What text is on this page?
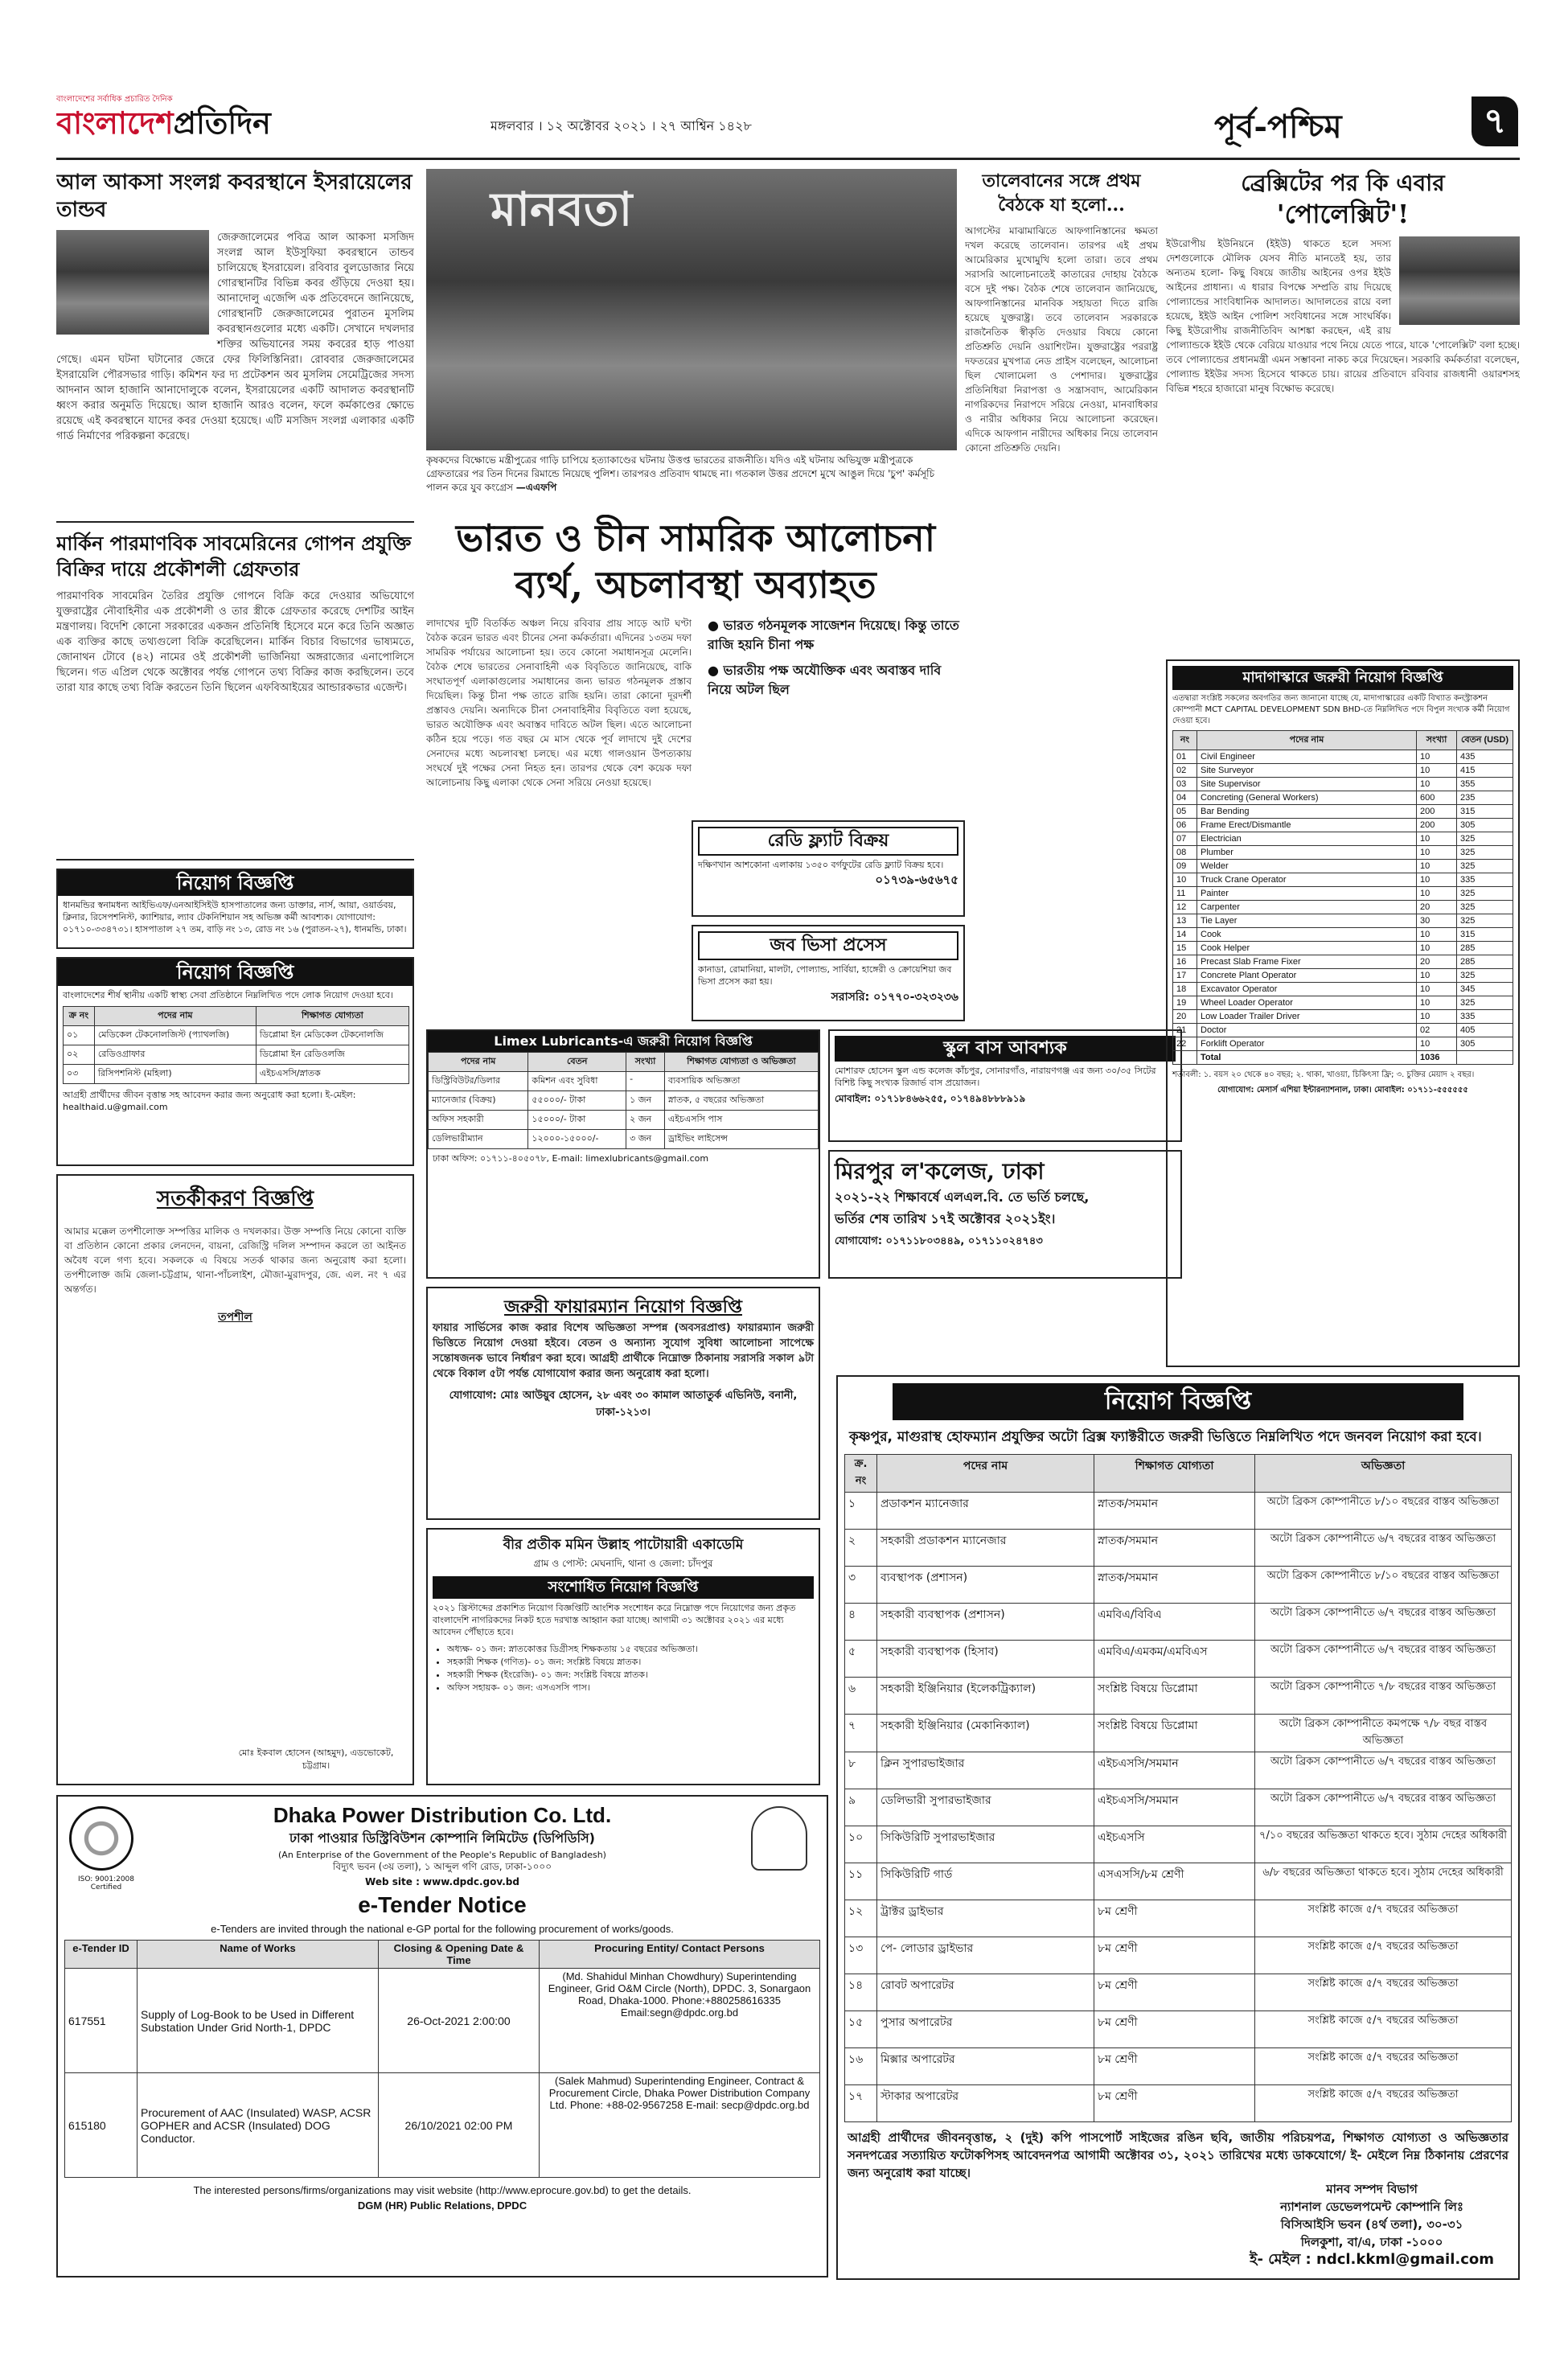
বাংলাদেশের সর্বাধিক প্রচারিত দৈনিক
বাংলাদেশপ্রতিদিন	মঙ্গলবার । ১২ অক্টোবর ২০২১ । ২৭ আশ্বিন ১৪২৮	পূর্ব-পশ্চিম	৭
আল আকসা সংলগ্ন কবরস্থানে ইসরায়েলের তান্ডব
জেরুজালেমের পবিত্র আল আকসা মসজিদ সংলগ্ন আল ইউসুফিয়া কবরস্থানে তান্ডব চালিয়েছে ইসরায়েল। রবিবার বুলডোজার নিয়ে গোরস্থানটির বিভিন্ন কবর গুঁড়িয়ে দেওয়া হয়। আনাদোলু এজেন্সি এক প্রতিবেদনে জানিয়েছে, গোরস্থানটি জেরুজালেমের পুরাতন মুসলিম কবরস্থানগুলোর মধ্যে একটি। সেখানে দখলদার শক্তির অভিযানের সময় কবরের হাড় পাওয়া গেছে। এমন ঘটনা ঘটানোর জেরে ফের ফিলিস্তিনিরা। রোববার জেরুজালেমের ইসরায়েলি পৌরসভার গাড়ি। কমিশন ফর দ্য প্রটেকশন অব মুসলিম সেমেট্রিজের সদস্য আদনান আল হাজানি আনাদোলুকে বলেন, ইসরায়েলের একটি আদালত কবরস্থানটি ধ্বংস করার অনুমতি দিয়েছে। আল হাজানি আরও বলেন, ফলে কর্মকাণ্ডের ক্ষোভে রয়েছে এই কবরস্থানে যাদের কবর দেওয়া হয়েছে। এটি মসজিদ সংলগ্ন এলাকার একটি গার্ড নির্মাণের পরিকল্পনা করেছে।
মার্কিন পারমাণবিক সাবমেরিনের গোপন প্রযুক্তি বিক্রির দায়ে প্রকৌশলী গ্রেফতার
পারমাণবিক সাবমেরিন তৈরির প্রযুক্তি গোপনে বিক্রি করে দেওয়ার অভিযোগে যুক্তরাষ্ট্রের নৌবাহিনীর এক প্রকৌশলী ও তার স্ত্রীকে গ্রেফতার করেছে দেশটির আইন মন্ত্রণালয়। বিদেশি কোনো সরকারের একজন প্রতিনিধি হিসেবে মনে করে তিনি অজ্ঞাত এক ব্যক্তির কাছে তথ্যগুলো বিক্রি করেছিলেন। মার্কিন বিচার বিভাগের ভাষ্যমতে, জোনাথন টোবে (৪২) নামের ওই প্রকৌশলী ভার্জিনিয়া অঙ্গরাজ্যের এনাপোলিসে ছিলেন। গত এপ্রিল থেকে অক্টোবর পর্যন্ত গোপনে তথ্য বিক্রির কাজ করছিলেন। তবে তারা যার কাছে তথ্য বিক্রি করতেন তিনি ছিলেন এফবিআইয়ের আন্ডারকভার এজেন্ট।
নিয়োগ বিজ্ঞপ্তি
ধানমন্ডির স্বনামধন্য আইভিএফ/এনআইসিইউ হাসপাতালের জন্য ডাক্তার, নার্স, আয়া, ওয়ার্ডবয়, ক্লিনার, রিসেপশনিস্ট, ক্যাশিয়ার, ল্যাব টেকনিশিয়ান সহ অভিজ্ঞ কর্মী আবশ্যক। যোগাযোগ: ০১৭১০-৩৩৪৭৩১। হাসপাতাল ২৭ তম, বাড়ি নং ১৩, রোড নং ১৬ (পুরাতন-২৭), ধানমন্ডি, ঢাকা।
নিয়োগ বিজ্ঞপ্তি
বাংলাদেশের শীর্ষ স্থানীয় একটি স্বাস্থ্য সেবা প্রতিষ্ঠানে নিম্নলিখিত পদে লোক নিয়োগ দেওয়া হবে।
ক্র নং	পদের নাম	শিক্ষাগত যোগ্যতা
০১	মেডিকেল টেকনোলজিস্ট (প্যাথলজি)	ডিপ্লোমা ইন মেডিকেল টেকনোলজি
০২	রেডিওগ্রাফার	ডিপ্লোমা ইন রেডিওলজি
০৩	রিসিপশনিস্ট (মহিলা)	এইচএসসি/স্নাতক
আগ্রহী প্রার্থীদের জীবন বৃত্তান্ত সহ আবেদন করার জন্য অনুরোধ করা হলো। ই-মেইল: healthaid.u@gmail.com
সতর্কীকরণ বিজ্ঞপ্তি
আমার মক্কেল তপশীলোক্ত সম্পত্তির মালিক ও দখলকার। উক্ত সম্পত্তি নিয়ে কোনো ব্যক্তি বা প্রতিষ্ঠান কোনো প্রকার লেনদেন, বায়না, রেজিস্ট্রি দলিল সম্পাদন করলে তা আইনত অবৈধ বলে গণ্য হবে। সকলকে এ বিষয়ে সতর্ক থাকার জন্য অনুরোধ করা হলো। তপশীলোক্ত জমি জেলা-চট্টগ্রাম, থানা-পাঁচলাইশ, মৌজা-মুরাদপুর, জে. এল. নং ৭ এর অন্তর্গত।
তপশীল
মোঃ ইকবাল হোসেন (আহমুদ), এডভোকেট, চট্টগ্রাম।
ISO: 9001:2008 Certified
Dhaka Power Distribution Co. Ltd.
ঢাকা পাওয়ার ডিস্ট্রিবিউশন কোম্পানি লিমিটেড (ডিপিডিসি)
(An Enterprise of the Government of the People's Republic of Bangladesh)
বিদ্যুৎ ভবন (৩য় তলা), ১ আব্দুল গণি রোড, ঢাকা-১০০০
Web site : www.dpdc.gov.bd
e-Tender Notice
e-Tenders are invited through the national e-GP portal for the following procurement of works/goods.
e-Tender ID	Name of Works	Closing & Opening Date & Time	Procuring Entity/ Contact Persons
617551	Supply of Log-Book to be Used in Different Substation Under Grid North-1, DPDC	26-Oct-2021 2:00:00	(Md. Shahidul Minhan Chowdhury) Superintending Engineer, Grid O&M Circle (North), DPDC. 3, Sonargaon Road, Dhaka-1000. Phone:+880258616335 Email:segn@dpdc.org.bd
615180	Procurement of AAC (Insulated) WASP, ACSR GOPHER and ACSR (Insulated) DOG Conductor.	26/10/2021 02:00 PM	(Salek Mahmud) Superintending Engineer, Contract & Procurement Circle, Dhaka Power Distribution Company Ltd. Phone: +88-02-9567258 E-mail: secp@dpdc.org.bd
The interested persons/firms/organizations may visit website (http://www.eprocure.gov.bd) to get the details.
DGM (HR) Public Relations, DPDC
মানবতা
কৃষকদের বিক্ষোভে মন্ত্রীপুত্রের গাড়ি চাপিয়ে হত্যাকাণ্ডের ঘটনায় উত্তপ্ত ভারতের রাজনীতি। যদিও এই ঘটনায় অভিযুক্ত মন্ত্রীপুত্রকে গ্রেফতারের পর তিন দিনের রিমান্ডে নিয়েছে পুলিশ। তারপরও প্রতিবাদ থামছে না। গতকাল উত্তর প্রদেশে মুখে আঙুল দিয়ে 'চুপ' কর্মসূচি পালন করে যুব কংগ্রেস —এএফপি
তালেবানের সঙ্গে প্রথম বৈঠকে যা হলো...
আগস্টের মাঝামাঝিতে আফগানিস্তানের ক্ষমতা দখল করেছে তালেবান। তারপর এই প্রথম আমেরিকার মুখোমুখি হলো তারা। তবে প্রথম সরাসরি আলোচনাতেই কাতারের দোহায় বৈঠকে বসে দুই পক্ষ। বৈঠক শেষে তালেবান জানিয়েছে, আফগানিস্তানের মানবিক সহায়তা দিতে রাজি হয়েছে যুক্তরাষ্ট্র। তবে তালেবান সরকারকে রাজনৈতিক স্বীকৃতি দেওয়ার বিষয়ে কোনো প্রতিশ্রুতি দেয়নি ওয়াশিংটন। যুক্তরাষ্ট্রের পররাষ্ট্র দফতরের মুখপাত্র নেড প্রাইস বলেছেন, আলোচনা ছিল খোলামেলা ও পেশাদার। যুক্তরাষ্ট্রের প্রতিনিধিরা নিরাপত্তা ও সন্ত্রাসবাদ, আমেরিকান নাগরিকদের নিরাপদে সরিয়ে নেওয়া, মানবাধিকার ও নারীর অধিকার নিয়ে আলোচনা করেছেন। এদিকে আফগান নারীদের অধিকার নিয়ে তালেবান কোনো প্রতিশ্রুতি দেয়নি।
ভারত ও চীন সামরিক আলোচনা
ব্যর্থ, অচলাবস্থা অব্যাহত
লাদাখের দুটি বিতর্কিত অঞ্চল নিয়ে রবিবার প্রায় সাড়ে আট ঘণ্টা বৈঠক করেন ভারত এবং চীনের সেনা কর্মকর্তারা। এদিনের ১৩তম দফা সামরিক পর্যায়ের আলোচনা হয়। তবে কোনো সমাধানসূত্র মেলেনি। বৈঠক শেষে ভারতের সেনাবাহিনী এক বিবৃতিতে জানিয়েছে, বাকি সংঘাতপূর্ণ এলাকাগুলোর সমাধানের জন্য ভারত গঠনমূলক প্রস্তাব দিয়েছিল। কিন্তু চীনা পক্ষ তাতে রাজি হয়নি। তারা কোনো দূরদর্শী প্রস্তাবও দেয়নি। অন্যদিকে চীনা সেনাবাহিনীর বিবৃতিতে বলা হয়েছে, ভারত অযৌক্তিক এবং অবাস্তব দাবিতে অটল ছিল। এতে আলোচনা কঠিন হয়ে পড়ে। গত বছর মে মাস থেকে পূর্ব লাদাখে দুই দেশের সেনাদের মধ্যে অচলাবস্থা চলছে। এর মধ্যে গালওয়ান উপত্যকায় সংঘর্ষে দুই পক্ষের সেনা নিহত হন। তারপর থেকে বেশ কয়েক দফা আলোচনায় কিছু এলাকা থেকে সেনা সরিয়ে নেওয়া হয়েছে।
● ভারত গঠনমূলক সাজেশন দিয়েছে। কিন্তু তাতে রাজি হয়নি চীনা পক্ষ
● ভারতীয় পক্ষ অযৌক্তিক এবং অবাস্তব দাবি নিয়ে অটল ছিল
রেডি ফ্ল্যাট বিক্রয়
দক্ষিণখান আশকোনা এলাকায় ১৩৫০ বর্গফুটের রেডি ফ্ল্যাট বিক্রয় হবে।
০১৭৩৯-৬৫৬৭৫
জব ভিসা প্রসেস
কানাডা, রোমানিয়া, মালটা, পোল্যান্ড, সার্বিয়া, হাঙ্গেরী ও ক্রোয়েশিয়া জব ভিসা প্রসেস করা হয়।
সরাসরি: ০১৭৭০-৩২৩২৩৬
Limex Lubricants-এ জরুরী নিয়োগ বিজ্ঞপ্তি
পদের নাম	বেতন	সংখ্যা	শিক্ষাগত যোগ্যতা ও অভিজ্ঞতা
ডিস্ট্রিবিউটর/ডিলার	কমিশন এবং সুবিধা	-	ব্যবসায়িক অভিজ্ঞতা
ম্যানেজার (বিক্রয়)	৫৫০০০/- টাকা	১ জন	স্নাতক, ৫ বছরের অভিজ্ঞতা
অফিস সহকারী	১৫০০০/- টাকা	২ জন	এইচএসসি পাস
ডেলিভারীম্যান	১২০০০-১৫০০০/-	৩ জন	ড্রাইভিং লাইসেন্স
ঢাকা অফিস: ০১৭১১-৪০৫০৭৮, E-mail: limexlubricants@gmail.com
স্কুল বাস আবশ্যক
মোশারফ হোসেন স্কুল এন্ড কলেজ কাঁচপুর, সোনারগাঁও, নারায়ণগঞ্জ এর জন্য ৩০/৩৫ সিটের বিশিষ্ট কিছু সংখ্যক রিজার্ভ বাস প্রয়োজন।
মোবাইল: ০১৭১৮৪৬৬২৫৫, ০১৭৪৯৪৮৮৮৯১৯
মিরপুর ল'কলেজ, ঢাকা
২০২১-২২ শিক্ষাবর্ষে এলএল.বি. তে ভর্তি চলছে,
ভর্তির শেষ তারিখ ১৭ই অক্টোবর ২০২১ইং।
যোগাযোগ: ০১৭১১৮০৩৪৪৯, ০১৭১১০২৪৭৪৩
জরুরী ফায়ারম্যান নিয়োগ বিজ্ঞপ্তি
ফায়ার সার্ভিসের কাজ করার বিশেষ অভিজ্ঞতা সম্পন্ন (অবসরপ্রাপ্ত) ফায়ারম্যান জরুরী ভিত্তিতে নিয়োগ দেওয়া হইবে। বেতন ও অন্যান্য সুযোগ সুবিধা আলোচনা সাপেক্ষে সন্তোষজনক ভাবে নির্ধারণ করা হবে। আগ্রহী প্রার্থীকে নিম্নোক্ত ঠিকানায় সরাসরি সকাল ৯টা থেকে বিকাল ৫টা পর্যন্ত যোগাযোগ করার জন্য অনুরোধ করা হলো।
যোগাযোগ: মোঃ আউয়ুব হোসেন, ২৮ এবং ৩০ কামাল আতাতুর্ক এভিনিউ, বনানী, ঢাকা-১২১৩।
বীর প্রতীক মমিন উল্লাহ পাটোয়ারী একাডেমি
গ্রাম ও পোস্ট: মেঘনাদি, থানা ও জেলা: চাঁদপুর
সংশোধিত নিয়োগ বিজ্ঞপ্তি
২০২১ খ্রিস্টাব্দের প্রকাশিত নিয়োগ বিজ্ঞপ্তিটি আংশিক সংশোধন করে নিম্নোক্ত পদে নিয়োগের জন্য প্রকৃত বাংলাদেশি নাগরিকদের নিকট হতে দরখাস্ত আহ্বান করা যাচ্ছে। আগামী ৩১ অক্টোবর ২০২১ এর মধ্যে আবেদন পৌঁছাতে হবে।
• অধ্যক্ষ- ০১ জন: স্নাতকোত্তর ডিগ্রীসহ শিক্ষকতায় ১৫ বছরের অভিজ্ঞতা।
• সহকারী শিক্ষক (গণিত)- ০১ জন: সংশ্লিষ্ট বিষয়ে স্নাতক।
• সহকারী শিক্ষক (ইংরেজি)- ০১ জন: সংশ্লিষ্ট বিষয়ে স্নাতক।
• অফিস সহায়ক- ০১ জন: এসএসসি পাস।
ব্রেক্সিটের পর কি এবার
'পোলেক্সিট'!
ইউরোপীয় ইউনিয়নে (ইইউ) থাকতে হলে সদস্য দেশগুলোকে মৌলিক যেসব নীতি মানতেই হয়, তার অন্যতম হলো- কিছু বিষয়ে জাতীয় আইনের ওপর ইইউ আইনের প্রাধান্য। এ ধারার বিপক্ষে সম্প্রতি রায় দিয়েছে পোল্যান্ডের সাংবিধানিক আদালত। আদালতের রায়ে বলা হয়েছে, ইইউ আইন পোলিশ সংবিধানের সঙ্গে সাংঘর্ষিক। কিছু ইউরোপীয় রাজনীতিবিদ আশঙ্কা করছেন, এই রায় পোল্যান্ডকে ইইউ থেকে বেরিয়ে যাওয়ার পথে নিয়ে যেতে পারে, যাকে 'পোলেক্সিট' বলা হচ্ছে। তবে পোল্যান্ডের প্রধানমন্ত্রী এমন সম্ভাবনা নাকচ করে দিয়েছেন। সরকারি কর্মকর্তারা বলেছেন, পোল্যান্ড ইইউর সদস্য হিসেবে থাকতে চায়। রায়ের প্রতিবাদে রবিবার রাজধানী ওয়ারশসহ বিভিন্ন শহরে হাজারো মানুষ বিক্ষোভ করেছে।
মাদাগাস্কারে জরুরী নিয়োগ বিজ্ঞপ্তি
এতদ্বারা সংশ্লিষ্ট সকলের অবগতির জন্য জানানো যাচ্ছে যে, মাদাগাস্কারের একটি বিখ্যাত কনস্ট্রাকশন কোম্পানী MCT CAPITAL DEVELOPMENT SDN BHD-তে নিম্নলিখিত পদে বিপুল সংখ্যক কর্মী নিয়োগ দেওয়া হবে।
নং	পদের নাম	সংখ্যা	বেতন (USD)
01	Civil Engineer	10	435
02	Site Surveyor	10	415
03	Site Supervisor	10	355
04	Concreting (General Workers)	600	235
05	Bar Bending	200	315
06	Frame Erect/Dismantle	200	305
07	Electrician	10	325
08	Plumber	10	325
09	Welder	10	325
10	Truck Crane Operator	10	335
11	Painter	10	325
12	Carpenter	20	325
13	Tie Layer	30	325
14	Cook	10	315
15	Cook Helper	10	285
16	Precast Slab Frame Fixer	20	285
17	Concrete Plant Operator	10	325
18	Excavator Operator	10	345
19	Wheel Loader Operator	10	325
20	Low Loader Trailer Driver	10	335
21	Doctor	02	405
22	Forklift Operator	10	305
	Total	1036	
শর্তাবলী: ১. বয়স ২০ থেকে ৪০ বছর; ২. থাকা, খাওয়া, চিকিৎসা ফ্রি; ৩. চুক্তির মেয়াদ ২ বছর।
যোগাযোগ: মেসার্স এশিয়া ইন্টারন্যাশনাল, ঢাকা। মোবাইল: ০১৭১১-৫৫৫৫৫৫
নিয়োগ বিজ্ঞপ্তি
কৃষ্ণপুর, মাগুরাস্থ হোফম্যান প্রযুক্তির অটো ব্রিক্স ফ্যাক্টরীতে জরুরী ভিত্তিতে নিম্নলিখিত পদে জনবল নিয়োগ করা হবে।
ক্র. নং	পদের নাম	শিক্ষাগত যোগ্যতা	অভিজ্ঞতা
১	প্রডাকশন ম্যানেজার	স্নাতক/সমমান	অটো ব্রিকস কোম্পানীতে ৮/১০ বছরের বাস্তব অভিজ্ঞতা
২	সহকারী প্রডাকশন ম্যানেজার	স্নাতক/সমমান	অটো ব্রিকস কোম্পানীতে ৬/৭ বছরের বাস্তব অভিজ্ঞতা
৩	ব্যবস্থাপক (প্রশাসন)	স্নাতক/সমমান	অটো ব্রিকস কোম্পানীতে ৮/১০ বছরের বাস্তব অভিজ্ঞতা
৪	সহকারী ব্যবস্থাপক (প্রশাসন)	এমবিএ/বিবিএ	অটো ব্রিকস কোম্পানীতে ৬/৭ বছরের বাস্তব অভিজ্ঞতা
৫	সহকারী ব্যবস্থাপক (হিসাব)	এমবিএ/এমকম/এমবিএস	অটো ব্রিকস কোম্পানীতে ৬/৭ বছরের বাস্তব অভিজ্ঞতা
৬	সহকারী ইঞ্জিনিয়ার (ইলেকট্রিক্যাল)	সংশ্লিষ্ট বিষয়ে ডিপ্লোমা	অটো ব্রিকস কোম্পানীতে ৭/৮ বছরের বাস্তব অভিজ্ঞতা
৭	সহকারী ইঞ্জিনিয়ার (মেকানিক্যাল)	সংশ্লিষ্ট বিষয়ে ডিপ্লোমা	অটো ব্রিকস কোম্পানীতে কমপক্ষে ৭/৮ বছর বাস্তব অভিজ্ঞতা
৮	ক্লিন সুপারভাইজার	এইচএসসি/সমমান	অটো ব্রিকস কোম্পানীতে ৬/৭ বছরের বাস্তব অভিজ্ঞতা
৯	ডেলিভারী সুপারভাইজার	এইচএসসি/সমমান	অটো ব্রিকস কোম্পানীতে ৬/৭ বছরের বাস্তব অভিজ্ঞতা
১০	সিকিউরিটি সুপারভাইজার	এইচএসসি	৭/১০ বছরের অভিজ্ঞতা থাকতে হবে। সুঠাম দেহের অধিকারী
১১	সিকিউরিটি গার্ড	এসএসসি/৮ম শ্রেণী	৬/৮ বছরের অভিজ্ঞতা থাকতে হবে। সুঠাম দেহের অধিকারী
১২	ট্রাক্টর ড্রাইভার	৮ম শ্রেণী	সংশ্লিষ্ট কাজে ৫/৭ বছরের অভিজ্ঞতা
১৩	পে- লোডার ড্রাইভার	৮ম শ্রেণী	সংশ্লিষ্ট কাজে ৫/৭ বছরের অভিজ্ঞতা
১৪	রোবট অপারেটর	৮ম শ্রেণী	সংশ্লিষ্ট কাজে ৫/৭ বছরের অভিজ্ঞতা
১৫	পুসার অপারেটর	৮ম শ্রেণী	সংশ্লিষ্ট কাজে ৫/৭ বছরের অভিজ্ঞতা
১৬	মিক্সার অপারেটর	৮ম শ্রেণী	সংশ্লিষ্ট কাজে ৫/৭ বছরের অভিজ্ঞতা
১৭	স্টাকার অপারেটর	৮ম শ্রেণী	সংশ্লিষ্ট কাজে ৫/৭ বছরের অভিজ্ঞতা
আগ্রহী প্রার্থীদের জীবনবৃত্তান্ত, ২ (দুই) কপি পাসপোর্ট সাইজের রঙিন ছবি, জাতীয় পরিচয়পত্র, শিক্ষাগত যোগ্যতা ও অভিজ্ঞতার সনদপত্রের সত্যায়িত ফটোকপিসহ আবেদনপত্র আগামী অক্টোবর ৩১, ২০২১ তারিখের মধ্যে ডাকযোগে/ ই- মেইলে নিম্ন ঠিকানায় প্রেরণের জন্য অনুরোধ করা যাচ্ছে।
মানব সম্পদ বিভাগ
ন্যাশনাল ডেভেলপমেন্ট কোম্পানি লিঃ
বিসিআইসি ভবন (৪র্থ তলা), ৩০-৩১
দিলকুশা, বা/এ, ঢাকা -১০০০
ই- মেইল : ndcl.kkml@gmail.com
